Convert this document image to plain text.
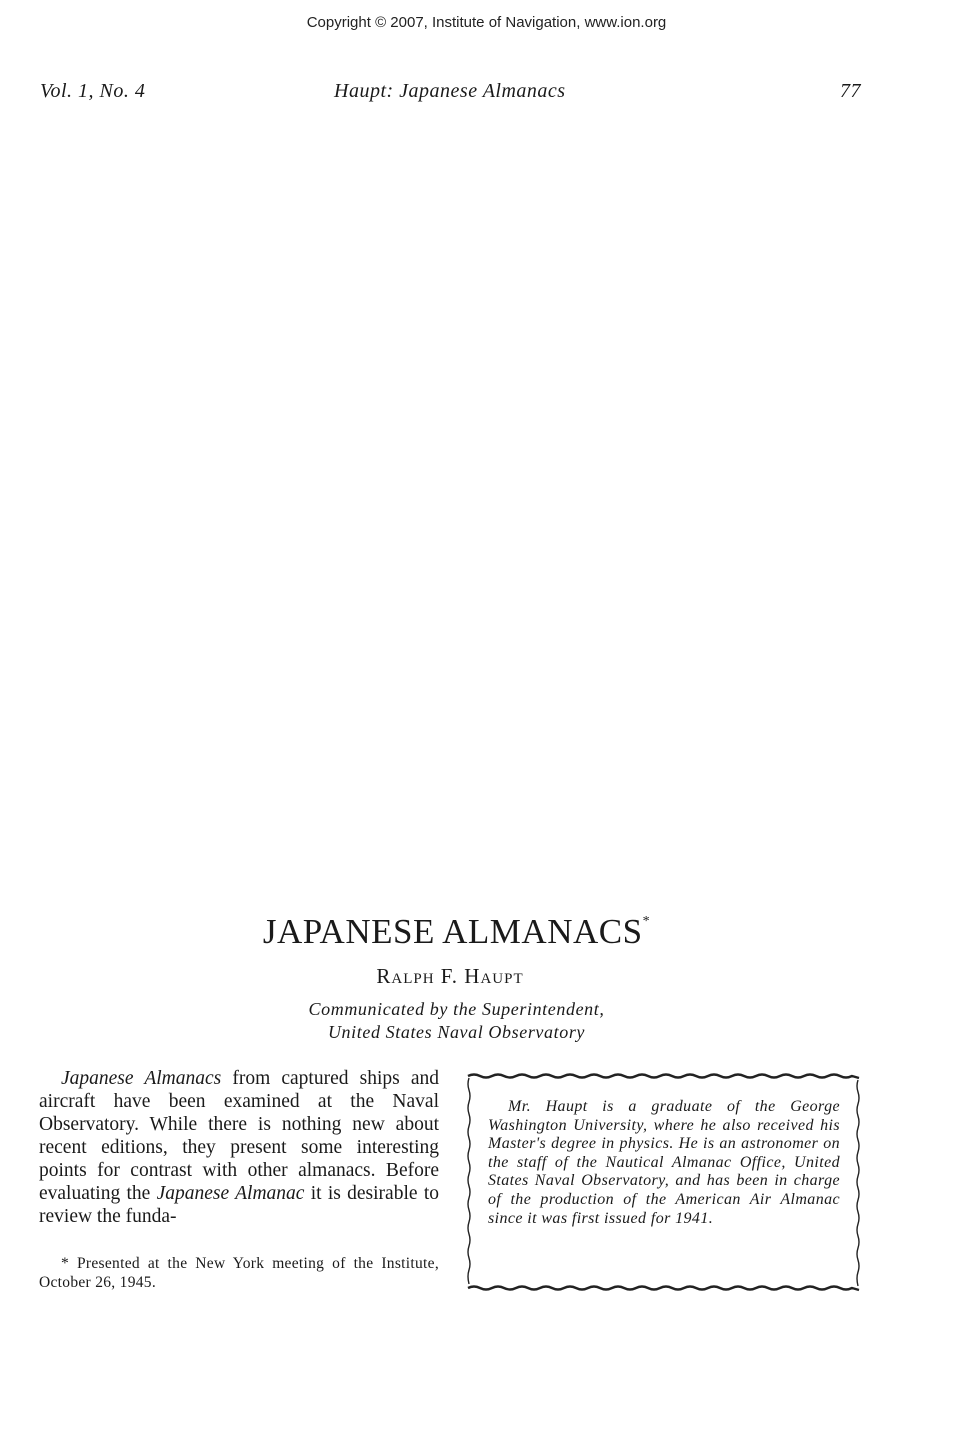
Copyright © 2007, Institute of Navigation, www.ion.org
Vol. 1, No. 4	Haupt: Japanese Almanacs	77
JAPANESE ALMANACS*
Ralph F. Haupt
Communicated by the Superintendent,
United States Naval Observatory

Japanese Almanacs from captured ships and aircraft have been examined at the Naval Observatory. While there is nothing new about recent editions, they present some interesting points for contrast with other almanacs. Before evaluating the Japanese Almanac it is desirable to review the funda-

* Presented at the New York meeting of the Institute, October 26, 1945.

Mr. Haupt is a graduate of the George Washington University, where he also received his Master's degree in physics. He is an astronomer on the staff of the Nautical Almanac Office, United States Naval Observatory, and has been in charge of the production of the American Air Almanac since it was first issued for 1941.
